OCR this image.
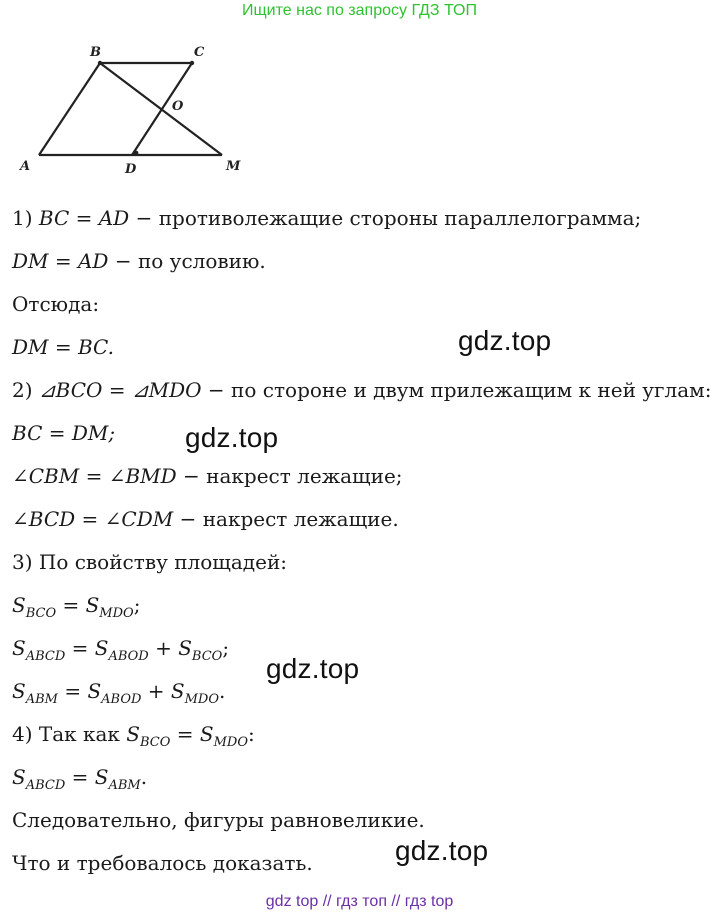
Ищите нас по запросу ГДЗ ТОП
B	C
O
A	D	M
1) BC = AD − противолежащие стороны параллелограмма;
DM = AD − по условию.
Отсюда:
DM = BC.
2) ⊿BCO = ⊿MDO − по стороне и двум прилежащим к ней углам:
BC = DM;
∠CBM = ∠BMD − накрест лежащие;
∠BCD = ∠CDM − накрест лежащие.
3) По свойству площадей:
$S_{BCO} = S_{MDO}$;
$S_{ABCD} = S_{ABOD} + S_{BCO}$;
$S_{ABM} = S_{ABOD} + S_{MDO}$.
4) Так как $S_{BCO} = S_{MDO}$:
$S_{ABCD} = S_{ABM}$.
Следовательно, фигуры равновеликие.
Что и требовалось доказать.
gdz.top
gdz.top
gdz.top
gdz.top
gdz top // гдз топ // гдз top
